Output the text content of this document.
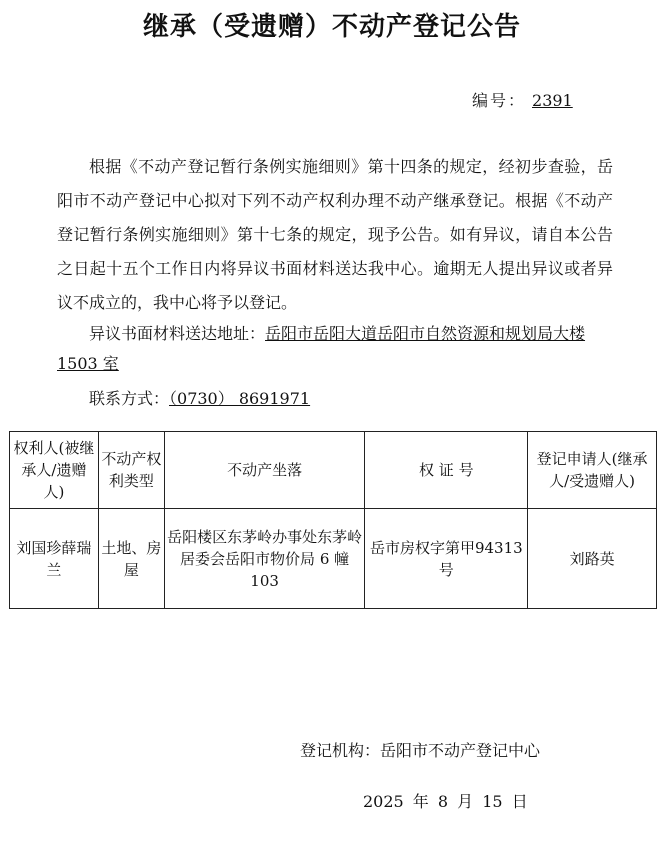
继承（受遗赠）不动产登记公告
编号： 2391
根据《不动产登记暂行条例实施细则》第十四条的规定，经初步查验，岳阳市不动产登记中心拟对下列不动产权利办理不动产继承登记。根据《不动产登记暂行条例实施细则》第十七条的规定，现予公告。如有异议，请自本公告之日起十五个工作日内将异议书面材料送达我中心。逾期无人提出异议或者异议不成立的，我中心将予以登记。
异议书面材料送达地址：岳阳市岳阳大道岳阳市自然资源和规划局大楼 1503 室
联系方式：（0730） 8691971
权利人(被继承人/遗赠人)	不动产权利类型	不动产坐落	权 证 号	登记申请人(继承人/受遗赠人)
刘国珍薛瑞兰	土地、房屋	岳阳楼区东茅岭办事处东茅岭居委会岳阳市物价局 6 幢 103	岳市房权字第甲94313 号	刘路英
登记机构：岳阳市不动产登记中心
2025 年 8 月 15 日
